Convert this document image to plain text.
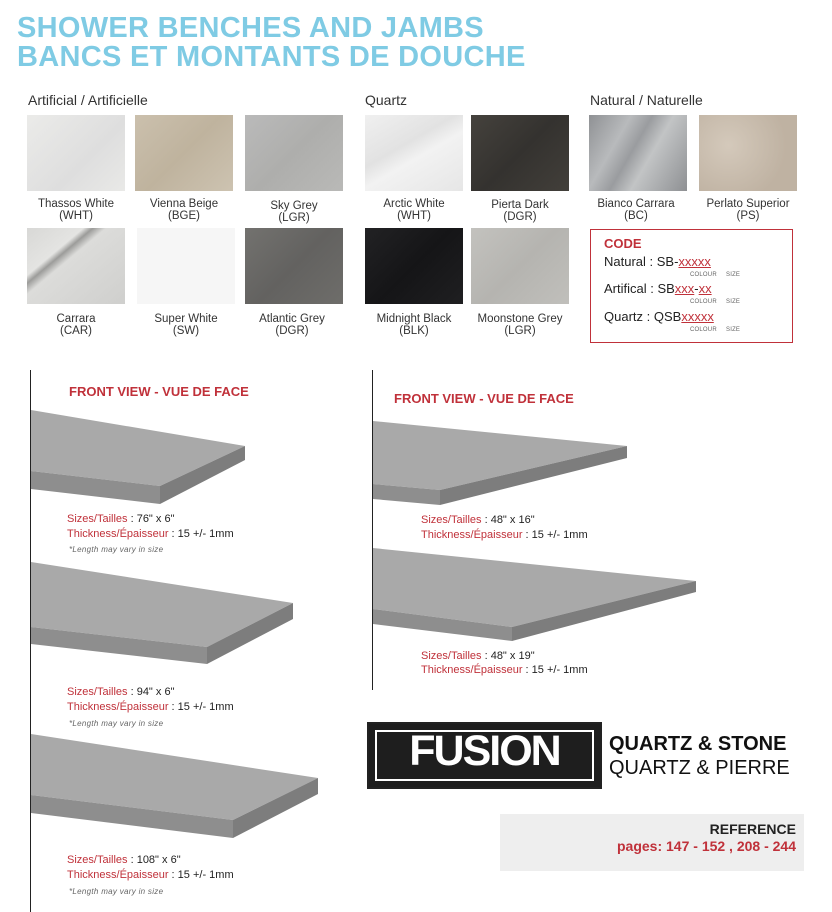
SHOWER BENCHES AND JAMBS
BANCS ET MONTANTS DE DOUCHE
Artificial / Artificielle	Quartz	Natural / Naturelle
Thassos White
(WHT)
Vienna Beige
(BGE)
Sky Grey
(LGR)
Arctic White
(WHT)
Pierta Dark
(DGR)
Bianco Carrara
(BC)
Perlato Superior
(PS)
Carrara
(CAR)
Super White
(SW)
Atlantic Grey
(DGR)
Midnight Black
(BLK)
Moonstone Grey
(LGR)
CODE
Natural : SB-xxxxx
COLOUR SIZE
Artifical : SBxxx-xx
COLOUR SIZE
Quartz : QSBxxxxx
COLOUR SIZE
FRONT VIEW - VUE DE FACE	FRONT VIEW - VUE DE FACE
Sizes/Tailles : 76" x 6"
Thickness/Épaisseur : 15 +/- 1mm
*Length may vary in size
Sizes/Tailles : 94" x 6"
Thickness/Épaisseur : 15 +/- 1mm
*Length may vary in size
Sizes/Tailles : 108" x 6"
Thickness/Épaisseur : 15 +/- 1mm
*Length may vary in size
Sizes/Tailles : 48" x 16"
Thickness/Épaisseur : 15 +/- 1mm
Sizes/Tailles : 48" x 19"
Thickness/Épaisseur : 15 +/- 1mm
FUSION	QUARTZ & STONE
QUARTZ & PIERRE
REFERENCE
pages: 147 - 152 , 208 - 244
